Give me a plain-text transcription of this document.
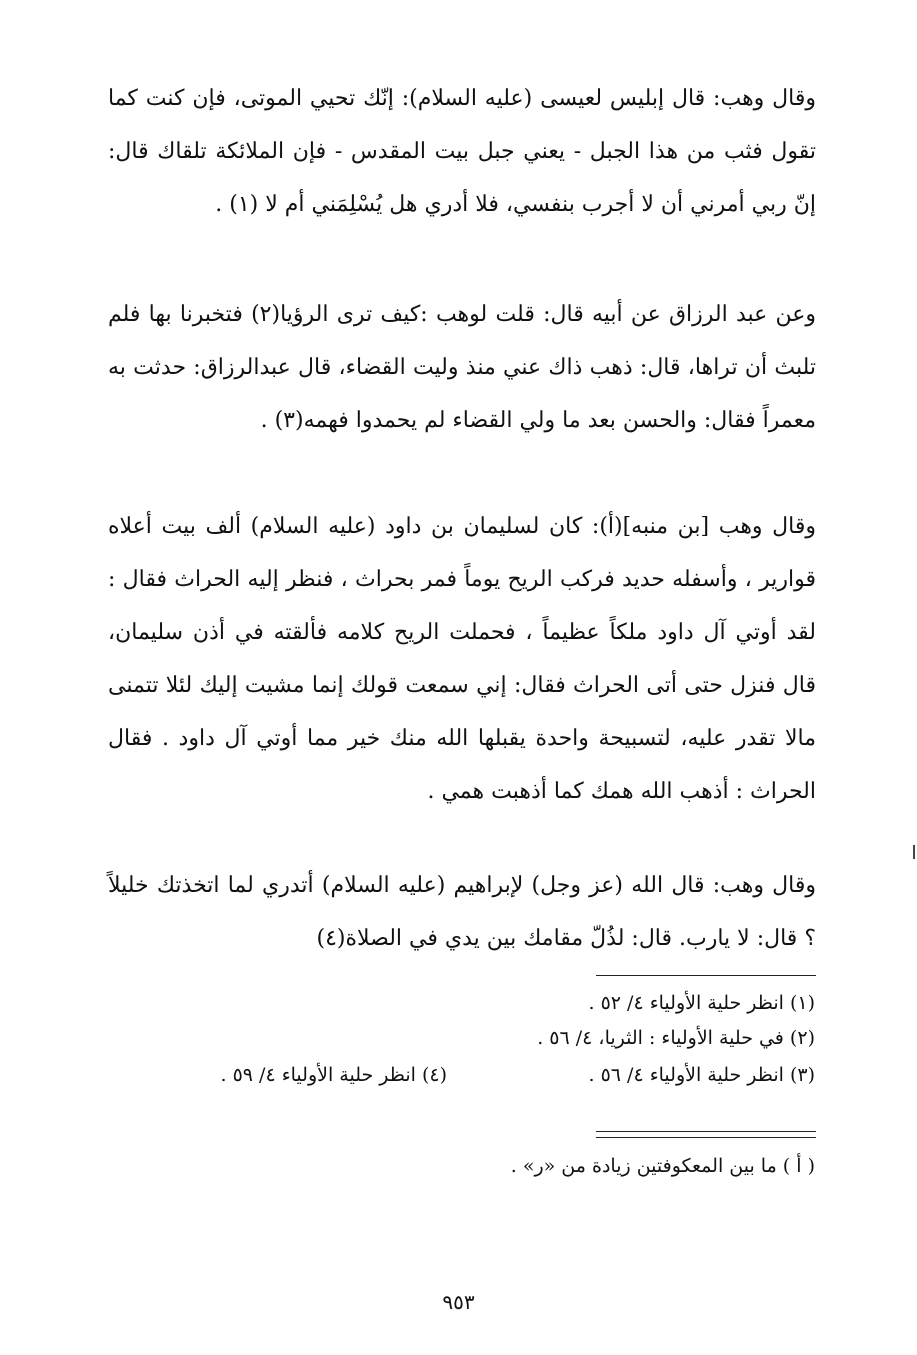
وقال وهب: قال إبليس لعيسى (عليه السلام): إنّك تحيي الموتى، فإن كنت كما تقول فثب من هذا الجبل - يعني جبل بيت المقدس - فإن الملائكة تلقاك قال: إنّ ربي أمرني أن لا أجرب بنفسي، فلا أدري هل يُسْلِمَني أم لا (١) .

وعن عبد الرزاق عن أبيه قال: قلت لوهب :كيف ترى الرؤيا(٢) فتخبرنا بها فلم تلبث أن تراها، قال: ذهب ذاك عني منذ وليت القضاء، قال عبدالرزاق: حدثت به معمراً فقال: والحسن بعد ما ولي القضاء لم يحمدوا فهمه(٣) .

وقال وهب [بن منبه](أ): كان لسليمان بن داود (عليه السلام) ألف بيت أعلاه قوارير ، وأسفله حديد فركب الريح يوماً فمر بحراث ، فنظر إليه الحراث فقال : لقد أوتي آل داود ملكاً عظيماً ، فحملت الريح كلامه فألقته في أذن سليمان، قال فنزل حتى أتى الحراث فقال: إني سمعت قولك إنما مشيت إليك لئلا تتمنى مالا تقدر عليه، لتسبيحة واحدة يقبلها الله منك خير مما أوتي آل داود . فقال الحراث : أذهب الله همك كما أذهبت همي .

وقال وهب: قال الله (عز وجل) لإبراهيم (عليه السلام) أتدري لما اتخذتك خليلاً ؟ قال: لا يارب. قال: لذُلّ مقامك بين يدي في الصلاة(٤)

(١) انظر حلية الأولياء ٤/ ٥٢ .
(٢) في حلية الأولياء : الثريا، ٤/ ٥٦ .
(٣) انظر حلية الأولياء ٤/ ٥٦ .
(٤) انظر حلية الأولياء ٤/ ٥٩ .
( أ ) ما بين المعكوفتين زيادة من «ر» .
٩٥٣
